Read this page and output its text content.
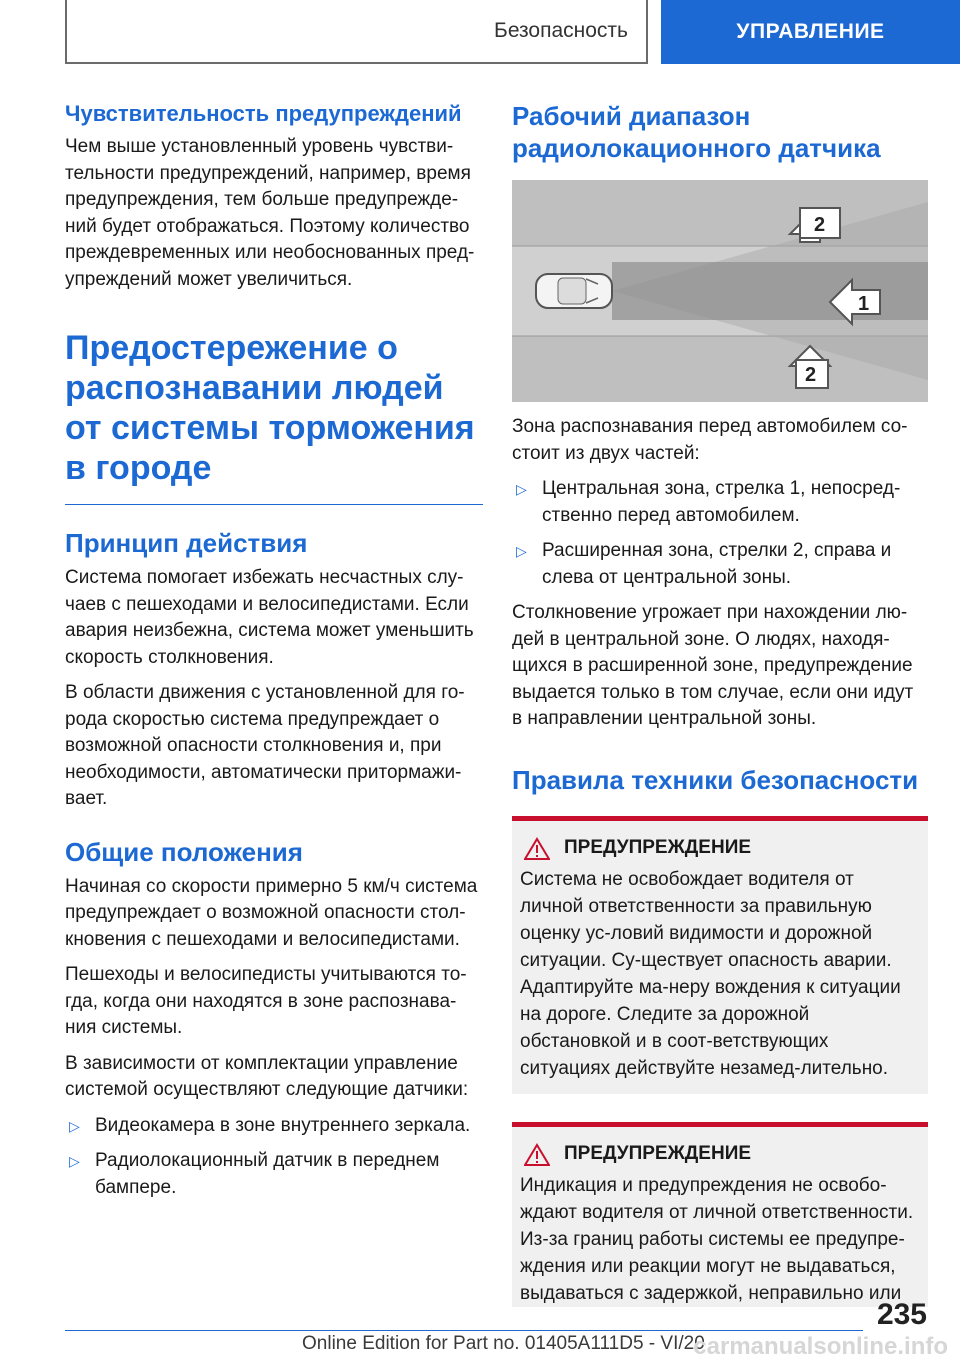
Безопасность	УПРАВЛЕНИЕ
Чувствительность предупреждений

Чем выше установленный уровень чувстви-тельности предупреждений, например, время предупреждения, тем больше предупрежде-ний будет отображаться. Поэтому количество преждевременных или необоснованных пред-упреждений может увеличиться.

Предостережение о распознавании людей от системы торможения в городе
Принцип действия

Система помогает избежать несчастных слу-чаев с пешеходами и велосипедистами. Если авария неизбежна, система может уменьшить скорость столкновения.

В области движения с установленной для го-рода скоростью система предупреждает о возможной опасности столкновения и, при необходимости, автоматически притормажи-вает.

Общие положения

Начиная со скорости примерно 5 км/ч система предупреждает о возможной опасности стол-кновения с пешеходами и велосипедистами.

Пешеходы и велосипедисты учитываются то-гда, когда они находятся в зоне распознава-ния системы.

В зависимости от комплектации управление системой осуществляют следующие датчики:

▷ Видеокамера в зоне внутреннего зеркала.
▷ Радиолокационный датчик в переднем бампере.
Рабочий диапазон радиолокационного датчика
1
2
2

Зона распознавания перед автомобилем со-стоит из двух частей:

▷ Центральная зона, стрелка 1, непосред-ственно перед автомобилем.
▷ Расширенная зона, стрелки 2, справа и слева от центральной зоны.

Столкновение угрожает при нахождении лю-дей в центральной зоне. О людях, находя-щихся в расширенной зоне, предупреждение выдается только в том случае, если они идут в направлении центральной зоны.

Правила техники безопасности
ПРЕДУПРЕЖДЕНИЕ

Система не освобождает водителя от личной ответственности за правильную оценку ус-ловий видимости и дорожной ситуации. Су-ществует опасность аварии. Адаптируйте ма-неру вождения к ситуации на дороге. Следите за дорожной обстановкой и в соот-ветствующих ситуациях действуйте незамед-лительно.

ПРЕДУПРЕЖДЕНИЕ

Индикация и предупреждения не освобо-ждают водителя от личной ответственности. Из-за границ работы системы ее предупре-ждения или реакции могут не выдаваться, выдаваться с задержкой, неправильно или

235
Online Edition for Part no. 01405A111D5 - VI/20
carmanualsonline.info
